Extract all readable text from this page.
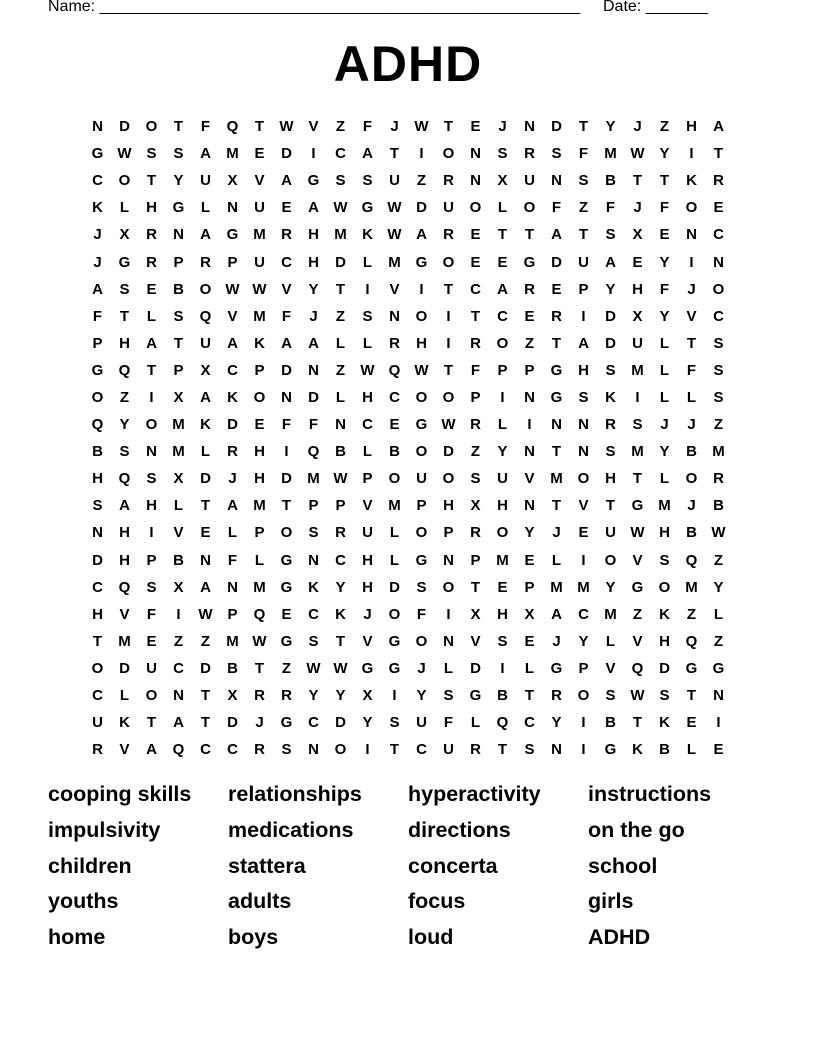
Name: ______________________________________________________ Date: _______
ADHD
N	D	O	T	F	Q	T	W V	Z	F	J	W	T	E	J	N	D	T	Y	J	Z	H	A
G W S	S	A	M	E	D	I	C	A	T	I	O	N	S	R	S	F	M W Y	I	T
C	O	T	Y	U	X	V	A	G	S	S	U	Z	R	N	X	U	N	S	B	T	T	K	R
K	L	H	G	L	N	U	E	A W G W D	U	O	L	O	F	Z	F	J	F	O	E
J	X	R	N	A	G M	R	H	M	K W A	R	E	T	T	A	T	S	X	E	N	C
J	G	R	P	R	P	U	C	H	D	L	M G	O	E	E	G	D	U	A	E	Y	I	N
A	S	E	B	O W W V	Y	T	I	V	I	T	C	A	R	E	P	Y	H	F	J	O
F	T	L	S	Q	V	M	F	J	Z	S	N	O	I	T	C	E	R	I	D	X	Y	V	C
P	H	A	T	U	A	K	A	A	L	L	R	H	I	R	O	Z	T	A	D	U	L	T	S
G	Q	T	P	X	C	P	D	N	Z	W Q W	T	F	P	P	G	H	S	M	L	F	S
O	Z	I	X	A	K	O	N	D	L	H	C	O	O	P	I	N	G	S	K	I	L	L	S
Q	Y	O M	K	D	E	F	F	N	C	E	G W R	L	I	N	N	R	S	J	J	Z
B	S	N	M	L	R	H	I	Q	B	L	B	O	D	Z	Y	N	T	N	S	M	Y	B	M
H	Q	S	X	D	J	H	D	M W P	O	U	O	S	U	V	M O	H	T	L	O	R
S	A	H	L	T	A	M	T	P	P	V	M	P	H	X	H	N	T	V	T	G M	J	B
N	H	I	V	E	L	P	O	S	R	U	L	O	P	R	O	Y	J	E	U W H	B W
D	H	P	B	N	F	L	G	N	C	H	L	G	N	P	M	E	L	I	O	V	S	Q	Z
C	Q	S	X	A	N	M G	K	Y	H	D	S	O	T	E	P	M M	Y	G	O M	Y
H	V	F	I	W P	Q	E	C	K	J	O	F	I	X	H	X	A	C	M	Z	K	Z	L
T	M	E	Z	Z	M W G	S	T	V	G	O	N	V	S	E	J	Y	L	V	H	Q	Z
O	D	U	C	D	B	T	Z	W W G	G	J	L	D	I	L	G	P	V	Q	D	G	G
C	L	O	N	T	X	R	R	Y	Y	X	I	Y	S	G	B	T	R	O	S W S	T	N
U	K	T	A	T	D	J	G	C	D	Y	S	U	F	L	Q	C	Y	I	B	T	K	E	I
R	V	A	Q	C	C	R	S	N	O	I	T	C	U	R	T	S	N	I	G	K	B	L	E
cooping skills	relationships	hyperactivity	instructions
impulsivity	medications	directions	on the go
children	stattera	concerta	school
youths	adults	focus	girls
home	boys	loud	ADHD
